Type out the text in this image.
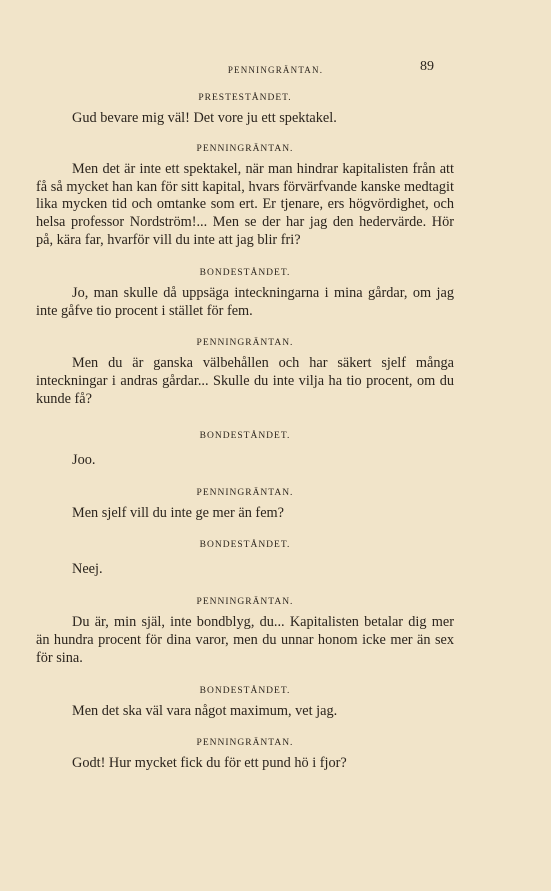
PENNINGRÄNTAN.	89

PRESTESTÅNDET.

Gud bevare mig väl! Det vore ju ett spektakel.

PENNINGRÄNTAN.

Men det är inte ett spektakel, när man hindrar kapitalisten från att få så mycket han kan för sitt kapital, hvars förvärfvande kanske medtagit lika mycken tid och omtanke som ert. Er tjenare, ers högvördighet, och helsa professor Nordström!... Men se der har jag den hedervärde. Hör på, kära far, hvarför vill du inte att jag blir fri?

BONDESTÅNDET.

Jo, man skulle då uppsäga inteckningarna i mina gårdar, om jag inte gåfve tio procent i stället för fem.

PENNINGRÄNTAN.

Men du är ganska välbehållen och har säkert sjelf många inteckningar i andras gårdar... Skulle du inte vilja ha tio procent, om du kunde få?

BONDESTÅNDET.

Joo.

PENNINGRÄNTAN.

Men sjelf vill du inte ge mer än fem?

BONDESTÅNDET.

Neej.

PENNINGRÄNTAN.

Du är, min själ, inte bondblyg, du... Kapitalisten betalar dig mer än hundra procent för dina varor, men du unnar honom icke mer än sex för sina.

BONDESTÅNDET.

Men det ska väl vara något maximum, vet jag.

PENNINGRÄNTAN.

Godt! Hur mycket fick du för ett pund hö i fjor?
